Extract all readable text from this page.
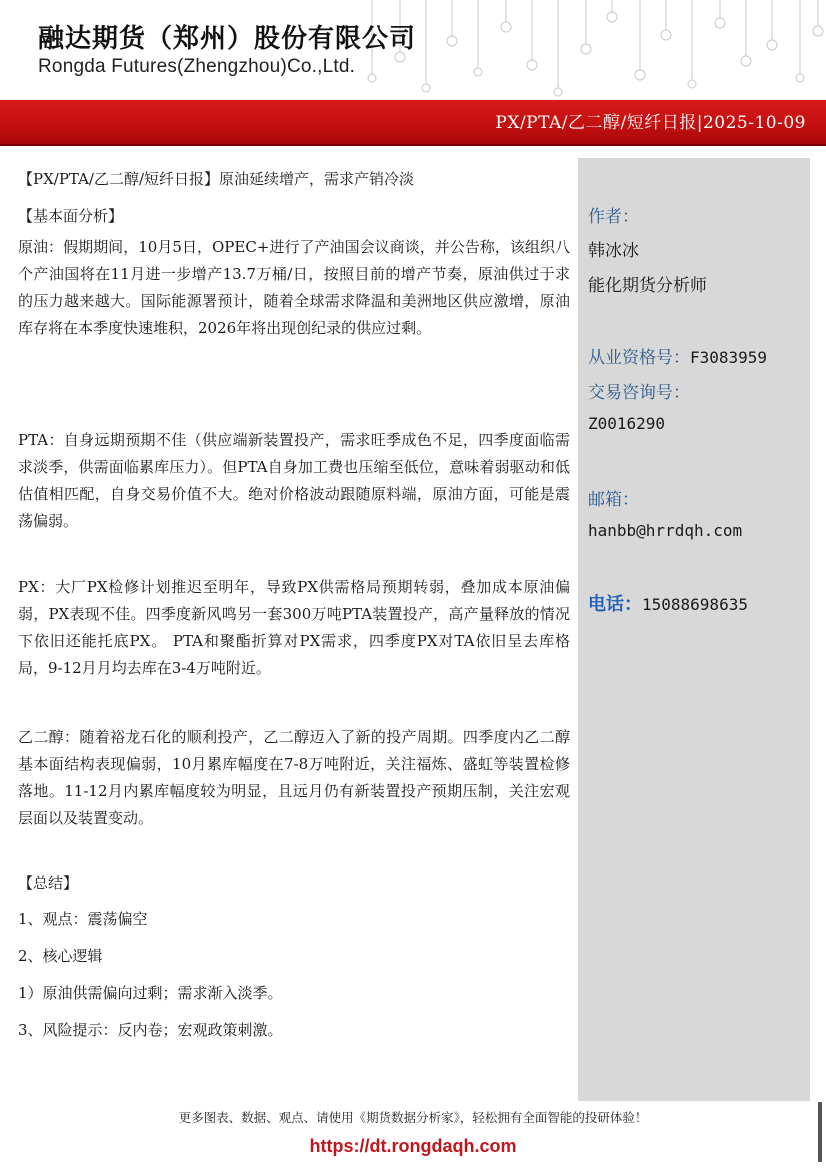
融达期货（郑州）股份有限公司
Rongda Futures(Zhengzhou)Co.,Ltd.
PX/PTA/乙二醇/短纤日报|2025-10-09
【PX/PTA/乙二醇/短纤日报】原油延续增产，需求产销冷淡
【基本面分析】
原油：假期期间，10月5日，OPEC+进行了产油国会议商谈，并公告称，该组织八个产油国将在11月进一步增产13.7万桶/日，按照目前的增产节奏，原油供过于求的压力越来越大。国际能源署预计，随着全球需求降温和美洲地区供应激增，原油库存将在本季度快速堆积，2026年将出现创纪录的供应过剩。
PTA：自身远期预期不佳（供应端新装置投产，需求旺季成色不足，四季度面临需求淡季，供需面临累库压力）。但PTA自身加工费也压缩至低位，意味着弱驱动和低估值相匹配，自身交易价值不大。绝对价格波动跟随原料端，原油方面，可能是震荡偏弱。
PX：大厂PX检修计划推迟至明年，导致PX供需格局预期转弱，叠加成本原油偏弱，PX表现不佳。四季度新风鸣另一套300万吨PTA装置投产，高产量释放的情况下依旧还能托底PX。 PTA和聚酯折算对PX需求，四季度PX对TA依旧呈去库格局，9-12月月均去库在3-4万吨附近。
乙二醇：随着裕龙石化的顺利投产，乙二醇迈入了新的投产周期。四季度内乙二醇基本面结构表现偏弱，10月累库幅度在7-8万吨附近，关注福炼、盛虹等装置检修落地。11-12月内累库幅度较为明显，且远月仍有新装置投产预期压制，关注宏观层面以及装置变动。
【总结】
1、观点：震荡偏空
2、核心逻辑
1）原油供需偏向过剩；需求渐入淡季。
3、风险提示：反内卷；宏观政策刺激。
作者：
韩冰冰
能化期货分析师
从业资格号：F3083959
交易咨询号：
Z0016290
邮箱：
hanbb@hrrdqh.com
电话：15088698635
更多图表、数据、观点、请使用《期货数据分析家》，轻松拥有全面智能的投研体验！
https://dt.rongdaqh.com
